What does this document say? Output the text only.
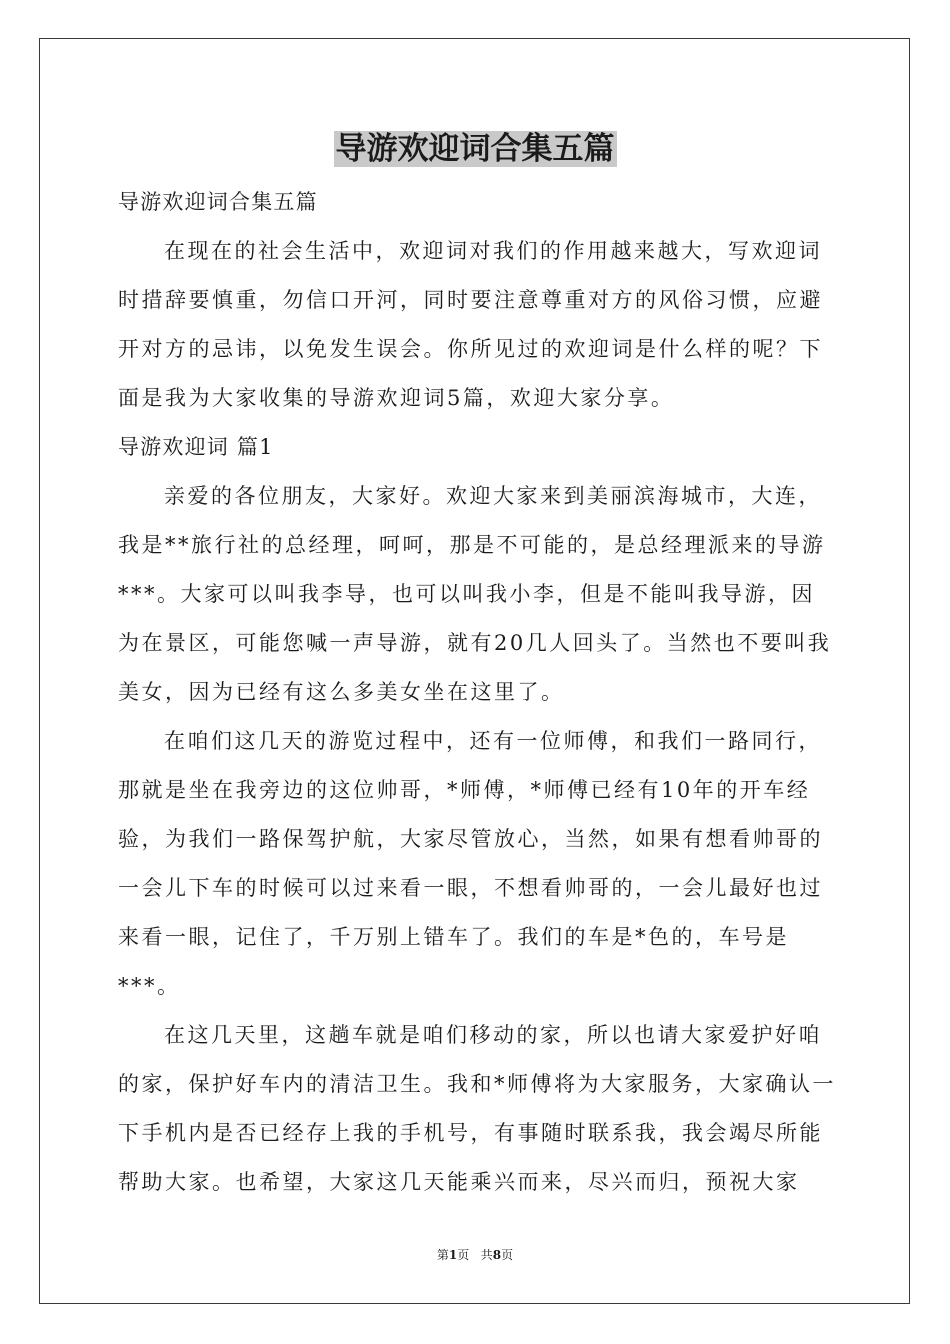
导游欢迎词合集五篇

导游欢迎词合集五篇

在现在的社会生活中，欢迎词对我们的作用越来越大，写欢迎词时措辞要慎重，勿信口开河，同时要注意尊重对方的风俗习惯，应避开对方的忌讳，以免发生误会。你所见过的欢迎词是什么样的呢？下面是我为大家收集的导游欢迎词5篇，欢迎大家分享。

导游欢迎词 篇1

亲爱的各位朋友，大家好。欢迎大家来到美丽滨海城市，大连，我是**旅行社的总经理，呵呵，那是不可能的，是总经理派来的导游***。大家可以叫我李导，也可以叫我小李，但是不能叫我导游，因为在景区，可能您喊一声导游，就有20几人回头了。当然也不要叫我美女，因为已经有这么多美女坐在这里了。

在咱们这几天的游览过程中，还有一位师傅，和我们一路同行，那就是坐在我旁边的这位帅哥，*师傅，*师傅已经有10年的开车经验，为我们一路保驾护航，大家尽管放心，当然，如果有想看帅哥的一会儿下车的时候可以过来看一眼，不想看帅哥的，一会儿最好也过来看一眼，记住了，千万别上错车了。我们的车是*色的，车号是***。

在这几天里，这趟车就是咱们移动的家，所以也请大家爱护好咱的家，保护好车内的清洁卫生。我和*师傅将为大家服务，大家确认一下手机内是否已经存上我的手机号，有事随时联系我，我会竭尽所能帮助大家。也希望，大家这几天能乘兴而来，尽兴而归，预祝大家

第1页 共8页
